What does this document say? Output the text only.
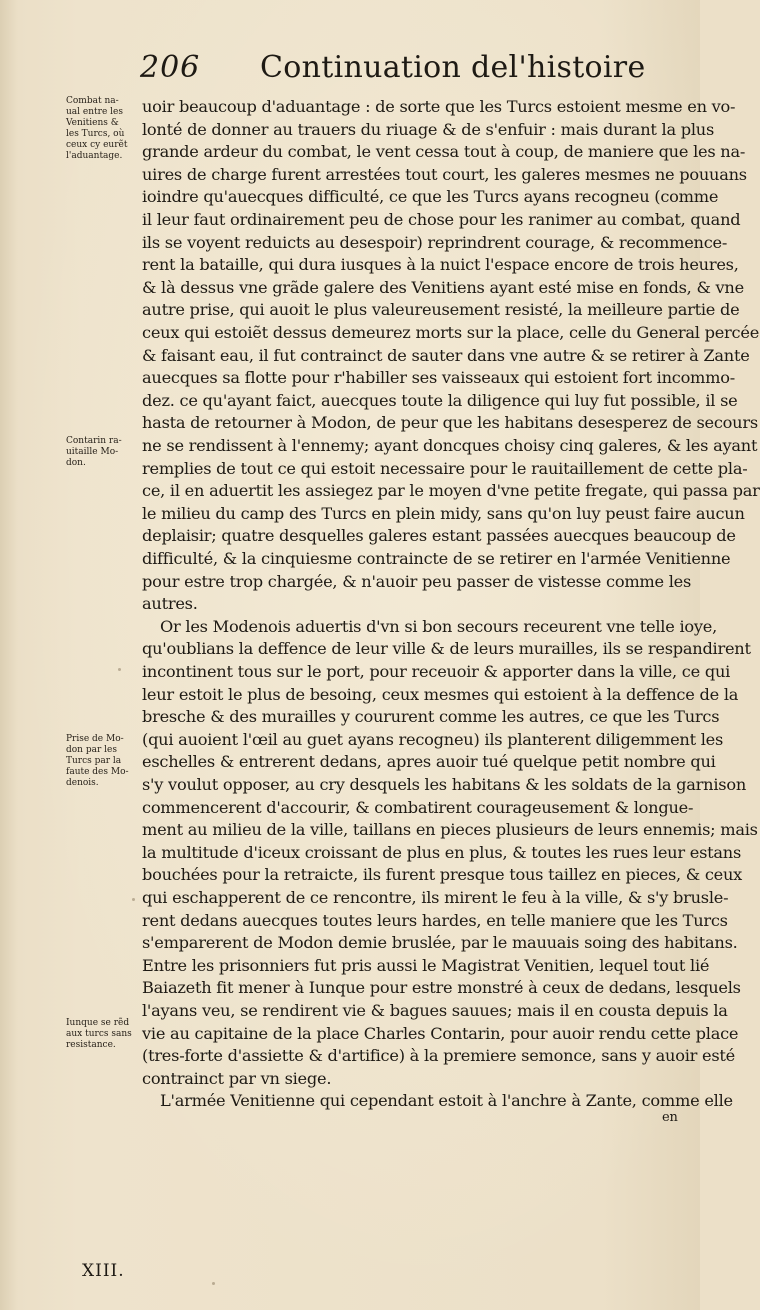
206 Continuation del'histoire
Combat na-
ual entre les
Venitiens &
les Turcs, où
ceux cy eurẽt
l'aduantage.
Contarin ra-
uitaille Mo-
don.
Prise de Mo-
don par les
Turcs par la
faute des Mo-
denois.
Iunque se rẽd
aux turcs sans
resistance.
uoir beaucoup d'aduantage : de sorte que les Turcs estoient mesme en vo-
lonté de donner au trauers du riuage & de s'enfuir : mais durant la plus
grande ardeur du combat, le vent cessa tout à coup, de maniere que les na-
uires de charge furent arrestées tout court, les galeres mesmes ne pouuans
ioindre qu'auecques difficulté, ce que les Turcs ayans recogneu (comme
il leur faut ordinairement peu de chose pour les ranimer au combat, quand
ils se voyent reduicts au desespoir) reprindrent courage, & recommence-
rent la bataille, qui dura iusques à la nuict l'espace encore de trois heures,
& là dessus vne grãde galere des Venitiens ayant esté mise en fonds, & vne
autre prise, qui auoit le plus valeureusement resisté, la meilleure partie de
ceux qui estoiẽt dessus demeurez morts sur la place, celle du General percée
& faisant eau, il fut contrainct de sauter dans vne autre & se retirer à Zante
auecques sa flotte pour r'habiller ses vaisseaux qui estoient fort incommo-
dez. ce qu'ayant faict, auecques toute la diligence qui luy fut possible, il se
hasta de retourner à Modon, de peur que les habitans desesperez de secours
ne se rendissent à l'ennemy; ayant doncques choisy cinq galeres, & les ayant
remplies de tout ce qui estoit necessaire pour le rauitaillement de cette pla-
ce, il en aduertit les assiegez par le moyen d'vne petite fregate, qui passa par
le milieu du camp des Turcs en plein midy, sans qu'on luy peust faire aucun
deplaisir; quatre desquelles galeres estant passées auecques beaucoup de
difficulté, & la cinquiesme contraincte de se retirer en l'armée Venitienne
pour estre trop chargée, & n'auoir peu passer de vistesse comme les
autres.
Or les Modenois aduertis d'vn si bon secours receurent vne telle ioye,
qu'oublians la deffence de leur ville & de leurs murailles, ils se respandirent
incontinent tous sur le port, pour receuoir & apporter dans la ville, ce qui
leur estoit le plus de besoing, ceux mesmes qui estoient à la deffence de la
bresche & des murailles y coururent comme les autres, ce que les Turcs
(qui auoient l'œil au guet ayans recogneu) ils planterent diligemment les
eschelles & entrerent dedans, apres auoir tué quelque petit nombre qui
s'y voulut opposer, au cry desquels les habitans & les soldats de la garnison
commencerent d'accourir, & combatirent courageusement & longue-
ment au milieu de la ville, taillans en pieces plusieurs de leurs ennemis; mais
la multitude d'iceux croissant de plus en plus, & toutes les rues leur estans
bouchées pour la retraicte, ils furent presque tous taillez en pieces, & ceux
qui eschapperent de ce rencontre, ils mirent le feu à la ville, & s'y brusle-
rent dedans auecques toutes leurs hardes, en telle maniere que les Turcs
s'emparerent de Modon demie bruslée, par le mauuais soing des habitans.
Entre les prisonniers fut pris aussi le Magistrat Venitien, lequel tout lié
Baiazeth fit mener à Iunque pour estre monstré à ceux de dedans, lesquels
l'ayans veu, se rendirent vie & bagues sauues; mais il en cousta depuis la
vie au capitaine de la place Charles Contarin, pour auoir rendu cette place
(tres-forte d'assiette & d'artifice) à la premiere semonce, sans y auoir esté
contrainct par vn siege.
L'armée Venitienne qui cependant estoit à l'anchre à Zante, comme elle
en
XIII.
